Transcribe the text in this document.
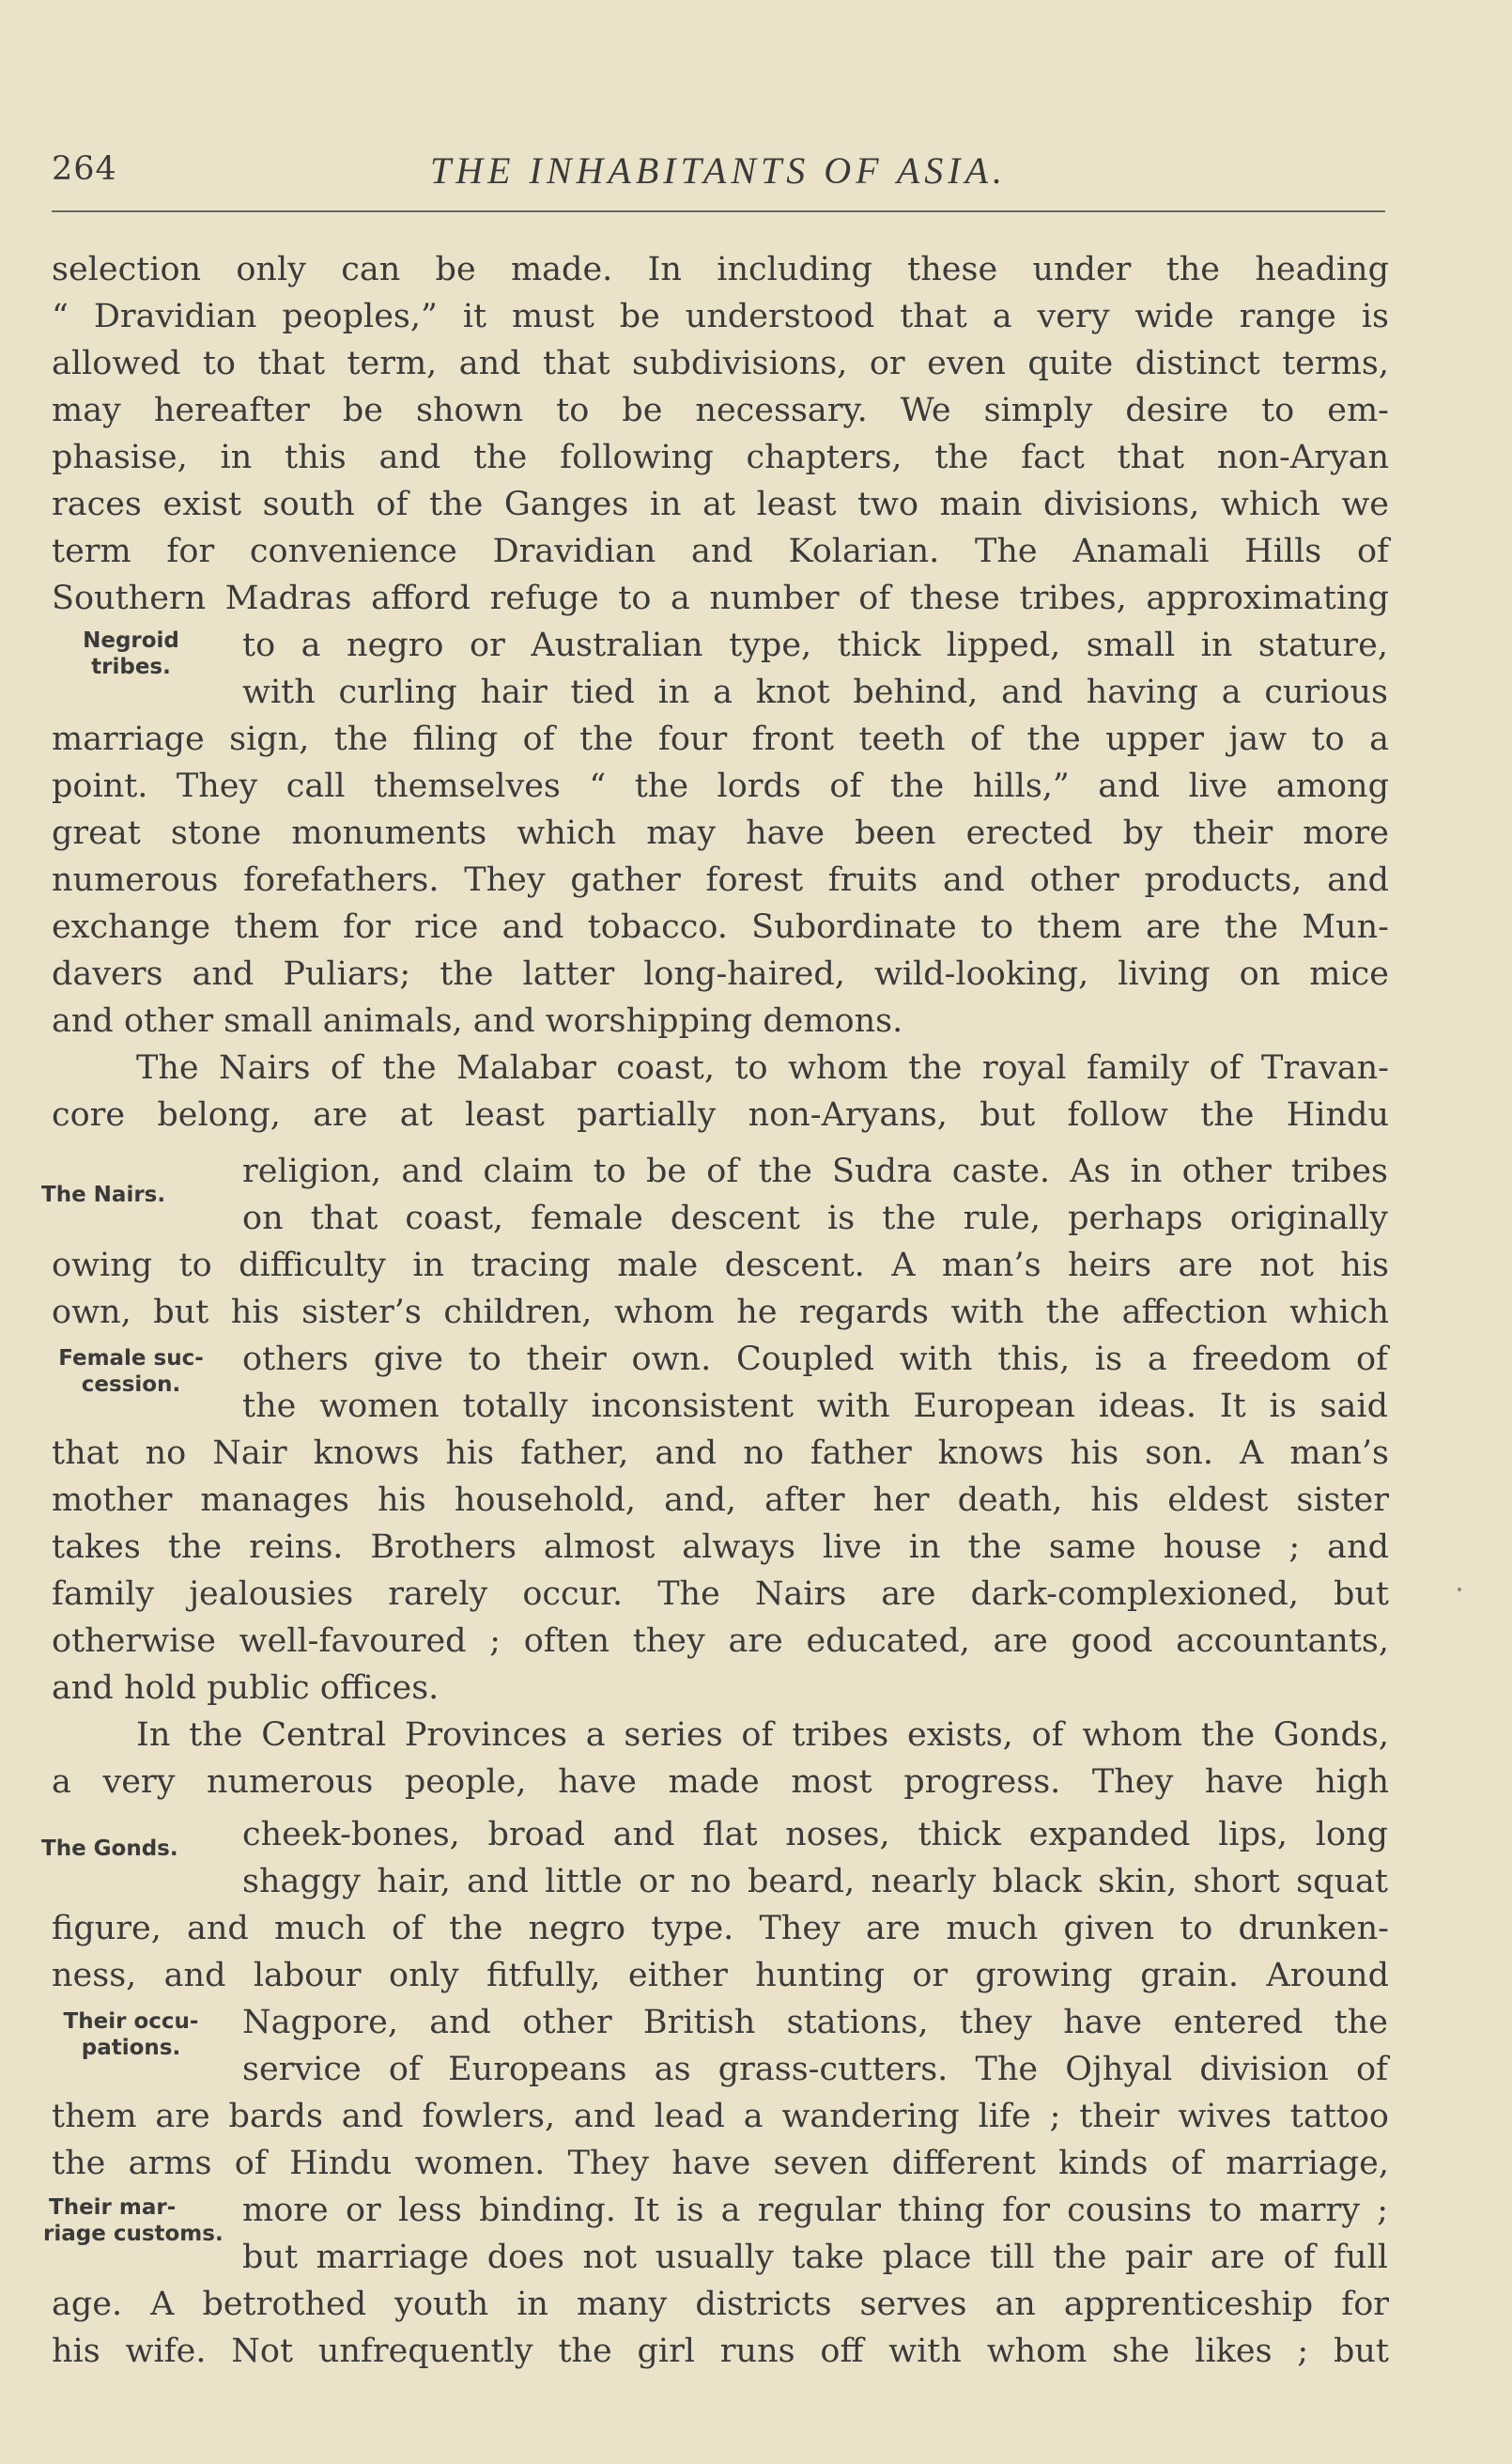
264	THE INHABITANTS OF ASIA.
Negroid
tribes.
The Nairs.
Female suc-
cession.
The Gonds.
Their occu-
pations.
Their mar-
riage customs.
selection only can be made. In including these under the heading
“ Dravidian peoples,” it must be understood that a very wide range is
allowed to that term, and that subdivisions, or even quite distinct terms,
may hereafter be shown to be necessary. We simply desire to em-
phasise, in this and the following chapters, the fact that non-Aryan
races exist south of the Ganges in at least two main divisions, which we
term for convenience Dravidian and Kolarian. The Anamali Hills of
Southern Madras afford refuge to a number of these tribes, approximating
to a negro or Australian type, thick lipped, small in stature,
with curling hair tied in a knot behind, and having a curious
marriage sign, the filing of the four front teeth of the upper jaw to a
point. They call themselves “ the lords of the hills,” and live among
great stone monuments which may have been erected by their more
numerous forefathers. They gather forest fruits and other products, and
exchange them for rice and tobacco. Subordinate to them are the Mun-
davers and Puliars; the latter long-haired, wild-looking, living on mice
and other small animals, and worshipping demons.
The Nairs of the Malabar coast, to whom the royal family of Travan-
core belong, are at least partially non-Aryans, but follow the Hindu
religion, and claim to be of the Sudra caste. As in other tribes
on that coast, female descent is the rule, perhaps originally
owing to difficulty in tracing male descent. A man’s heirs are not his
own, but his sister’s children, whom he regards with the affection which
others give to their own. Coupled with this, is a freedom of
the women totally inconsistent with European ideas. It is said
that no Nair knows his father, and no father knows his son. A man’s
mother manages his household, and, after her death, his eldest sister
takes the reins. Brothers almost always live in the same house ; and
family jealousies rarely occur. The Nairs are dark-complexioned, but
otherwise well-favoured ; often they are educated, are good accountants,
and hold public offices.
In the Central Provinces a series of tribes exists, of whom the Gonds,
a very numerous people, have made most progress. They have high
cheek-bones, broad and flat noses, thick expanded lips, long
shaggy hair, and little or no beard, nearly black skin, short squat
figure, and much of the negro type. They are much given to drunken-
ness, and labour only fitfully, either hunting or growing grain. Around
Nagpore, and other British stations, they have entered the
service of Europeans as grass-cutters. The Ojhyal division of
them are bards and fowlers, and lead a wandering life ; their wives tattoo
the arms of Hindu women. They have seven different kinds of marriage,
more or less binding. It is a regular thing for cousins to marry ;
but marriage does not usually take place till the pair are of full
age. A betrothed youth in many districts serves an apprenticeship for
his wife. Not unfrequently the girl runs off with whom she likes ; but
